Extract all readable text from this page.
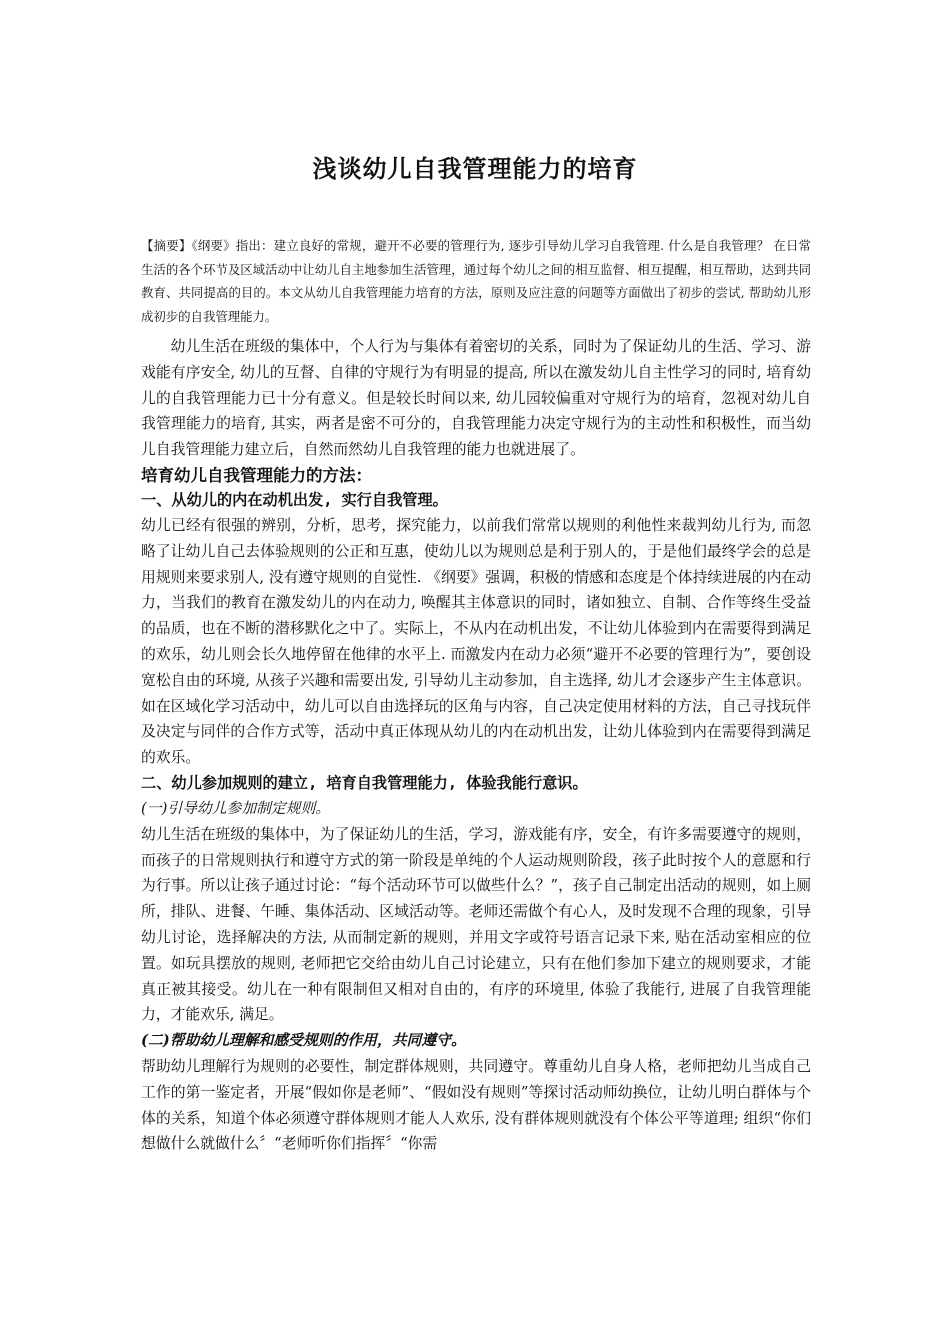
浅谈幼儿自我管理能力的培育
【摘要】《纲要》指出：建立良好的常规，避开不必要的管理行为, 逐步引导幼儿学习自我管理. 什么是自我管理？ 在日常生活的各个环节及区域活动中让幼儿自主地参加生活管理，通过每个幼儿之间的相互监督、相互提醒，相互帮助，达到共同教育、共同提高的目的。本文从幼儿自我管理能力培育的方法，原则及应注意的问题等方面做出了初步的尝试, 帮助幼儿形成初步的自我管理能力。

幼儿生活在班级的集体中，个人行为与集体有着密切的关系，同时为了保证幼儿的生活、学习、游戏能有序安全, 幼儿的互督、自律的守规行为有明显的提高, 所以在激发幼儿自主性学习的同时, 培育幼儿的自我管理能力已十分有意义。但是较长时间以来, 幼儿园较偏重对守规行为的培育，忽视对幼儿自我管理能力的培育, 其实，两者是密不可分的，自我管理能力决定守规行为的主动性和积极性，而当幼儿自我管理能力建立后，自然而然幼儿自我管理的能力也就进展了。

培育幼儿自我管理能力的方法：

一、从幼儿的内在动机出发, 实行自我管理。

幼儿已经有很强的辨别，分析，思考，探究能力，以前我们常常以规则的利他性来裁判幼儿行为, 而忽略了让幼儿自己去体验规则的公正和互惠，使幼儿以为规则总是利于别人的，于是他们最终学会的总是用规则来要求别人, 没有遵守规则的自觉性. 《纲要》强调，积极的情感和态度是个体持续进展的内在动力，当我们的教育在激发幼儿的内在动力, 唤醒其主体意识的同时，诸如独立、自制、合作等终生受益的品质，也在不断的潜移默化之中了。实际上，不从内在动机出发，不让幼儿体验到内在需要得到满足的欢乐，幼儿则会长久地停留在他律的水平上. 而激发内在动力必须“避开不必要的管理行为”，要创设宽松自由的环境, 从孩子兴趣和需要出发, 引导幼儿主动参加，自主选择, 幼儿才会逐步产生主体意识。如在区域化学习活动中，幼儿可以自由选择玩的区角与内容，自己决定使用材料的方法，自己寻找玩伴及决定与同伴的合作方式等，活动中真正体现从幼儿的内在动机出发，让幼儿体验到内在需要得到满足的欢乐。

二、幼儿参加规则的建立, 培育自我管理能力, 体验我能行意识。

(一)引导幼儿参加制定规则。

幼儿生活在班级的集体中，为了保证幼儿的生活，学习，游戏能有序，安全，有许多需要遵守的规则，而孩子的日常规则执行和遵守方式的第一阶段是单纯的个人运动规则阶段，孩子此时按个人的意愿和行为行事。所以让孩子通过讨论：“每个活动环节可以做些什么？”，孩子自己制定出活动的规则，如上厕所，排队、进餐、午睡、集体活动、区域活动等。老师还需做个有心人，及时发现不合理的现象，引导幼儿讨论，选择解决的方法, 从而制定新的规则，并用文字或符号语言记录下来, 贴在活动室相应的位置。如玩具摆放的规则, 老师把它交给由幼儿自己讨论建立，只有在他们参加下建立的规则要求，才能真正被其接受。幼儿在一种有限制但又相对自由的，有序的环境里, 体验了我能行, 进展了自我管理能力，才能欢乐, 满足。

(二)帮助幼儿理解和感受规则的作用，共同遵守。

帮助幼儿理解行为规则的必要性，制定群体规则，共同遵守。尊重幼儿自身人格，老师把幼儿当成自己工作的第一鉴定者，开展“假如你是老师”、“假如没有规则”等探讨活动师幼换位，让幼儿明白群体与个体的关系，知道个体必须遵守群体规则才能人人欢乐, 没有群体规则就没有个体公平等道理; 组织“你们想做什么就做什么〞“老师听你们指挥〞“你需
